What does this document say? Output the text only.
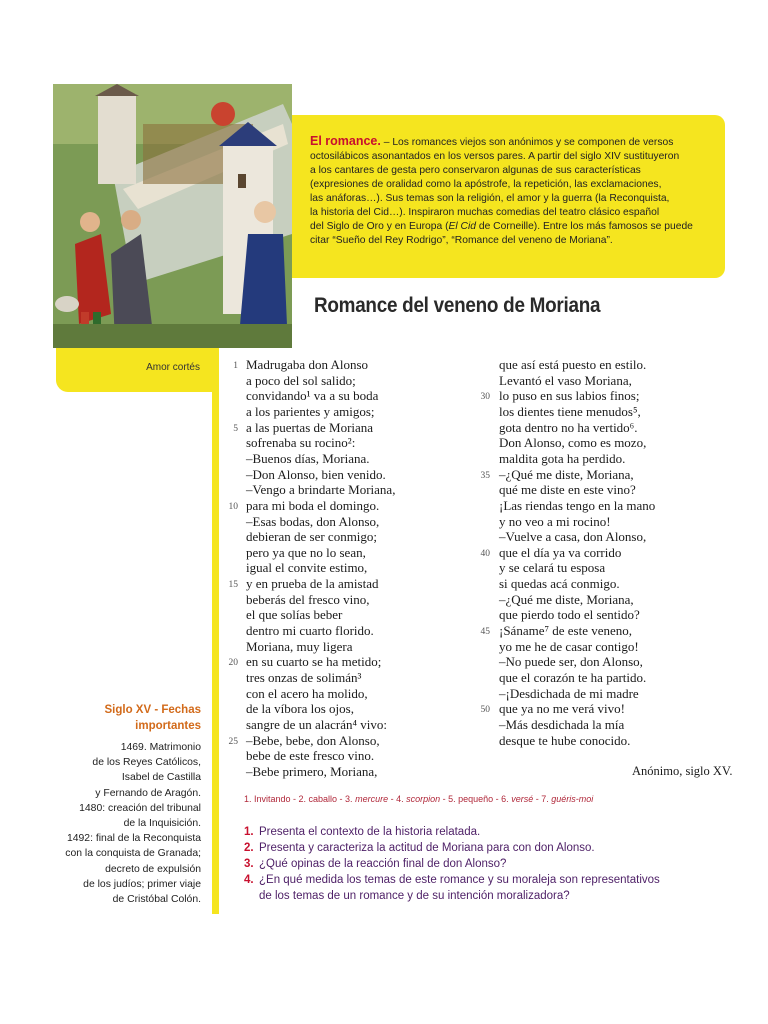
El romance. – Los romances viejos son anónimos y se componen de versos
octosilábicos asonantados en los versos pares. A partir del siglo XIV sustituyeron
a los cantares de gesta pero conservaron algunas de sus características
(expresiones de oralidad como la apóstrofe, la repetición, las exclamaciones,
las anáforas…). Sus temas son la religión, el amor y la guerra (la Reconquista,
la historia del Cid…). Inspiraron muchas comedias del teatro clásico español
del Siglo de Oro y en Europa (El Cid de Corneille). Entre los más famosos se puede
citar “Sueño del Rey Rodrigo”, “Romance del veneno de Moriana”.
Amor cortés
Romance del veneno de Moriana
Madrugaba don Alonso
a poco del sol salido;
convidando¹ va a su boda
a los parientes y amigos;
a las puertas de Moriana
sofrenaba su rocino²:
–Buenos días, Moriana.
–Don Alonso, bien venido.
–Vengo a brindarte Moriana,
para mi boda el domingo.
–Esas bodas, don Alonso,
debieran de ser conmigo;
pero ya que no lo sean,
igual el convite estimo,
y en prueba de la amistad
beberás del fresco vino,
el que solías beber
dentro mi cuarto florido.
Moriana, muy ligera
en su cuarto se ha metido;
tres onzas de solimán³
con el acero ha molido,
de la víbora los ojos,
sangre de un alacrán⁴ vivo:
–Bebe, bebe, don Alonso,
bebe de este fresco vino.
–Bebe primero, Moriana,
que así está puesto en estilo.
Levantó el vaso Moriana,
lo puso en sus labios finos;
los dientes tiene menudos⁵,
gota dentro no ha vertido⁶.
Don Alonso, como es mozo,
maldita gota ha perdido.
–¿Qué me diste, Moriana,
qué me diste en este vino?
¡Las riendas tengo en la mano
y no veo a mi rocino!
–Vuelve a casa, don Alonso,
que el día ya va corrido
y se celará tu esposa
si quedas acá conmigo.
–¿Qué me diste, Moriana,
que pierdo todo el sentido?
¡Sáname⁷ de este veneno,
yo me he de casar contigo!
–No puede ser, don Alonso,
que el corazón te ha partido.
–¡Desdichada de mi madre
que ya no me verá vivo!
–Más desdichada la mía
desque te hube conocido.
1
5
10
15
20
25
30
35
40
45
50
Anónimo, siglo XV.
1. Invitando - 2. caballo - 3. mercure - 4. scorpion - 5. pequeño - 6. versé - 7. guéris-moi
1. Presenta el contexto de la historia relatada.
2. Presenta y caracteriza la actitud de Moriana para con don Alonso.
3. ¿Qué opinas de la reacción final de don Alonso?
4. ¿En qué medida los temas de este romance y su moraleja son representativos
de los temas de un romance y de su intención moralizadora?
Siglo XV - Fechas
importantes
1469. Matrimonio
de los Reyes Católicos,
Isabel de Castilla
y Fernando de Aragón.
1480: creación del tribunal
de la Inquisición.
1492: final de la Reconquista
con la conquista de Granada;
decreto de expulsión
de los judíos; primer viaje
de Cristóbal Colón.
